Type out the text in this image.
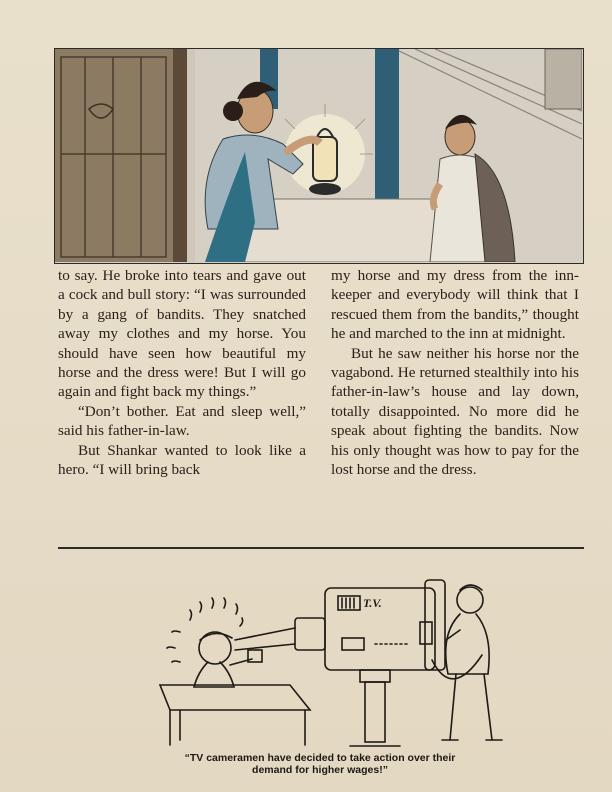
to say. He broke into tears and gave out a cock and bull story: “I was surrounded by a gang of bandits. They snatched away my clothes and my horse. You should have seen how beautiful my horse and the dress were! But I will go again and fight back my things.”

“Don’t bother. Eat and sleep well,” said his father-in-law.

But Shankar wanted to look like a hero. “I will bring back

my horse and my dress from the inn-keeper and everybody will think that I rescued them from the bandits,” thought he and marched to the inn at midnight.

But he saw neither his horse nor the vagabond. He returned stealthily into his father-in-law’s house and lay down, totally disappointed. No more did he speak about fighting the bandits. Now his only thought was how to pay for the lost horse and the dress.

T.V.
“TV cameramen have decided to take action over their
demand for higher wages!”
